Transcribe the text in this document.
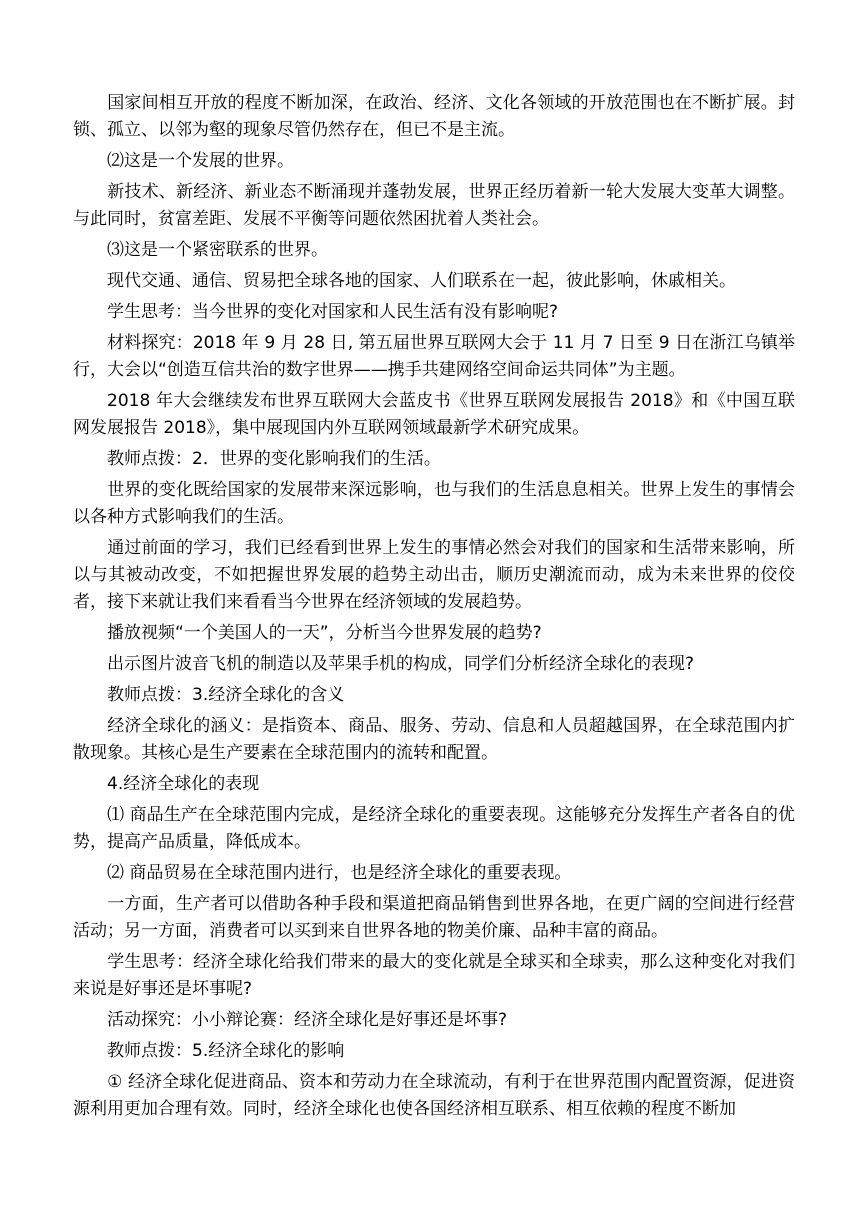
国家间相互开放的程度不断加深，在政治、经济、文化各领域的开放范围也在不断扩展。封锁、孤立、以邻为壑的现象尽管仍然存在，但已不是主流。

⑵这是一个发展的世界。

新技术、新经济、新业态不断涌现并蓬勃发展，世界正经历着新一轮大发展大变革大调整。与此同时，贫富差距、发展不平衡等问题依然困扰着人类社会。

⑶这是一个紧密联系的世界。

现代交通、通信、贸易把全球各地的国家、人们联系在一起，彼此影响，休戚相关。

学生思考：当今世界的变化对国家和人民生活有没有影响呢?

材料探究：2018 年 9 月 28 日, 第五届世界互联网大会于 11 月 7 日至 9 日在浙江乌镇举行，大会以“创造互信共治的数字世界——携手共建网络空间命运共同体”为主题。

2018 年大会继续发布世界互联网大会蓝皮书《世界互联网发展报告 2018》和《中国互联网发展报告 2018》，集中展现国内外互联网领域最新学术研究成果。

教师点拨：2．世界的变化影响我们的生活。

世界的变化既给国家的发展带来深远影响，也与我们的生活息息相关。世界上发生的事情会以各种方式影响我们的生活。

通过前面的学习，我们已经看到世界上发生的事情必然会对我们的国家和生活带来影响，所以与其被动改变，不如把握世界发展的趋势主动出击，顺历史潮流而动，成为未来世界的佼佼者，接下来就让我们来看看当今世界在经济领域的发展趋势。

播放视频“一个美国人的一天”，分析当今世界发展的趋势?

出示图片波音飞机的制造以及苹果手机的构成，同学们分析经济全球化的表现?

教师点拨：3.经济全球化的含义

经济全球化的涵义：是指资本、商品、服务、劳动、信息和人员超越国界，在全球范围内扩散现象。其核心是生产要素在全球范围内的流转和配置。

4.经济全球化的表现

⑴ 商品生产在全球范围内完成，是经济全球化的重要表现。这能够充分发挥生产者各自的优势，提高产品质量，降低成本。

⑵ 商品贸易在全球范围内进行，也是经济全球化的重要表现。

一方面，生产者可以借助各种手段和渠道把商品销售到世界各地，在更广阔的空间进行经营活动；另一方面，消费者可以买到来自世界各地的物美价廉、品种丰富的商品。

学生思考：经济全球化给我们带来的最大的变化就是全球买和全球卖，那么这种变化对我们来说是好事还是坏事呢?

活动探究：小小辩论赛：经济全球化是好事还是坏事?

教师点拨：5.经济全球化的影响

① 经济全球化促进商品、资本和劳动力在全球流动，有利于在世界范围内配置资源，促进资源利用更加合理有效。同时，经济全球化也使各国经济相互联系、相互依赖的程度不断加
